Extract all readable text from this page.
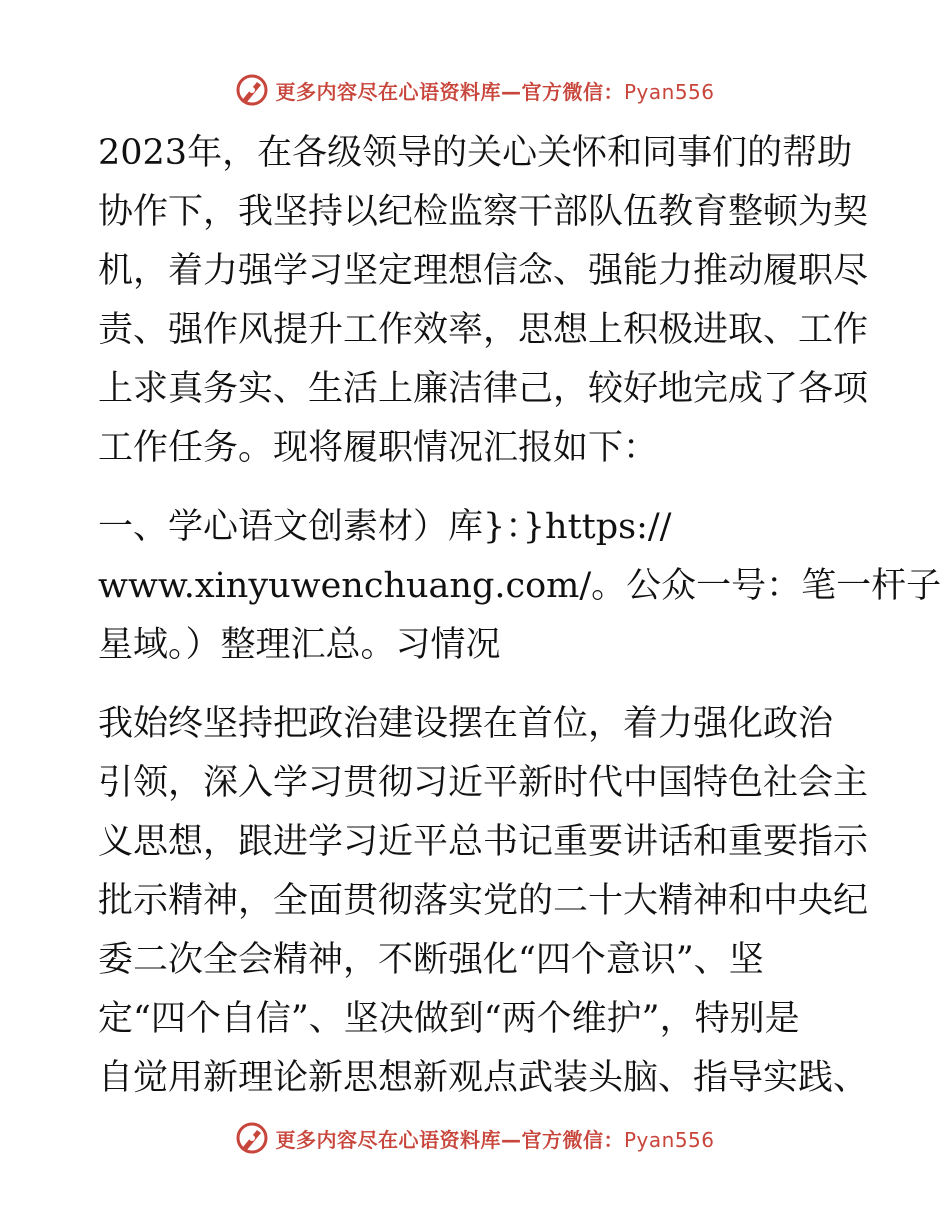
更多内容尽在心语资料库—官方微信：Pyan556
2023年，在各级领导的关心关怀和同事们的帮助
协作下，我坚持以纪检监察干部队伍教育整顿为契
机，着力强学习坚定理想信念、强能力推动履职尽
责、强作风提升工作效率，思想上积极进取、工作
上求真务实、生活上廉洁律己，较好地完成了各项
工作任务。现将履职情况汇报如下：
一、学心语文创素材）库}：}https://
www.xinyuwenchuang.com/。公众一号：笔一杆子
星域。）整理汇总。习情况
我始终坚持把政治建设摆在首位，着力强化政治
引领，深入学习贯彻习近平新时代中国特色社会主
义思想，跟进学习近平总书记重要讲话和重要指示
批示精神，全面贯彻落实党的二十大精神和中央纪
委二次全会精神，不断强化“四个意识”、坚
定“四个自信”、坚决做到“两个维护”，特别是
自觉用新理论新思想新观点武装头脑、指导实践、
更多内容尽在心语资料库—官方微信：Pyan556
